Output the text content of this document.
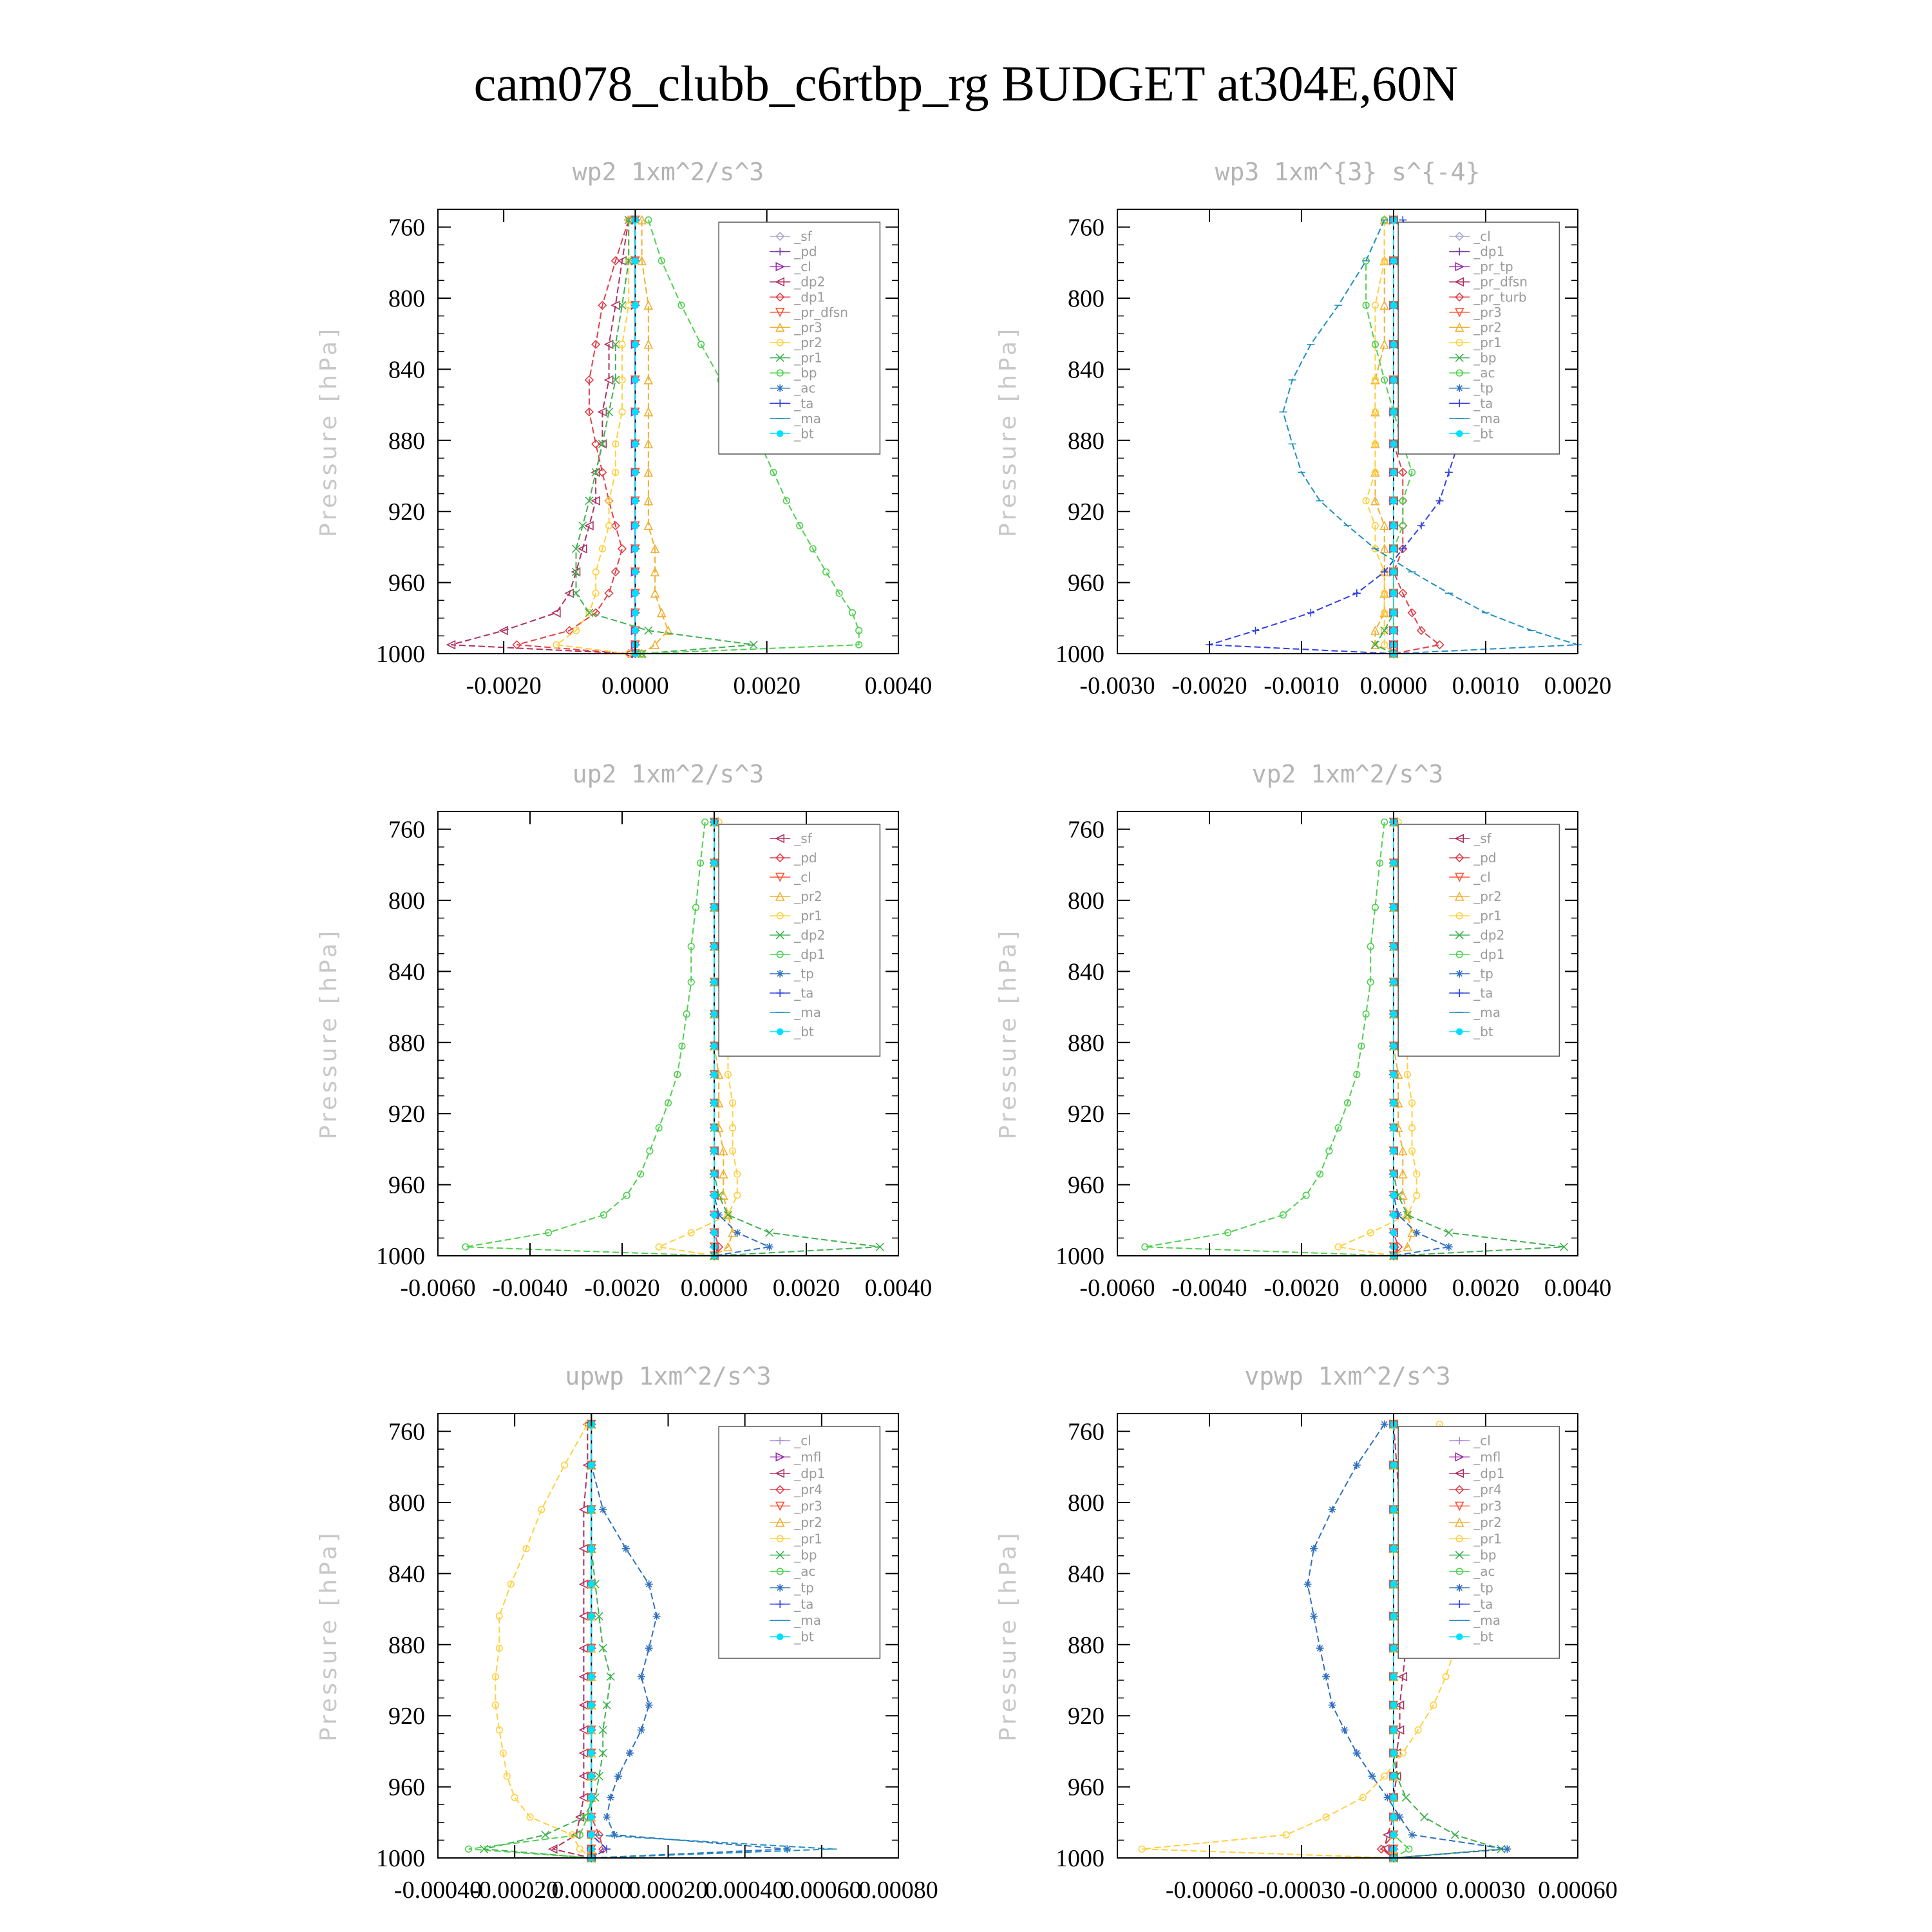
cam078_clubb_c6rtbp_rg BUDGET at304E,60N
wp2 1xm^2/s^3
Pressure [hPa]
760
800
840
880
920
960
1000
-0.0020 0.0000	0.0020	0.0040
_sf
_pd
_cl
_dp2
_dp1
_pr_dfsn
_pr3
_pr2
_pr1
_bp
_ac
_ta
_ma
_bt
wp3 1xm^{3} s^{-4}
Pressure [hPa]
760
800
840
880
920
960
1000
-0.0030 -0.0020 -0.0010 0.0000 0.0010 0.0020
_cl
_dp1
_pr_tp
_pr_dfsn
_pr_turb
_pr3
_pr2
_pr1
_bp
_ac
_tp
_ta
_ma
_bt
up2 1xm^2/s^3
Pressure [hPa]
760
800
840
880
920
960
1000
-0.0060 -0.0040 -0.0020 0.0000 0.0020 0.0040
_sf
_pd
_cl
_pr2
_pr1
_dp2
_dp1
_tp
_ta
_ma
_bt
vp2 1xm^2/s^3
Pressure [hPa]
760
800
840
880
920
960
1000
-0.0060 -0.0040 -0.0020 0.0000 0.0020 0.0040
_sf
_pd
_cl
_pr2
_pr1
_dp2
_dp1
_tp
_ta
_ma
_bt
upwp 1xm^2/s^3
Pressure [hPa]
760
800
840
880
920
960
1000
-0.00040
-0.00020
0.00000
0.00020
0.00040
0.00060
0.00080
_cl
_mfl
_dp1
_pr4
_pr3
_pr2
_pr1
_bp
_ac
_tp
_ta
_ma
_bt
vpwp 1xm^2/s^3
Pressure [hPa]
760
800
840
880
920
960
1000
-0.00060 -0.00030 -0.00000 0.00030 0.00060
_cl
_mfl
_dp1
_pr4
_pr3
_pr2
_pr1
_bp
_ac
_tp
_ta
_ma
_bt
